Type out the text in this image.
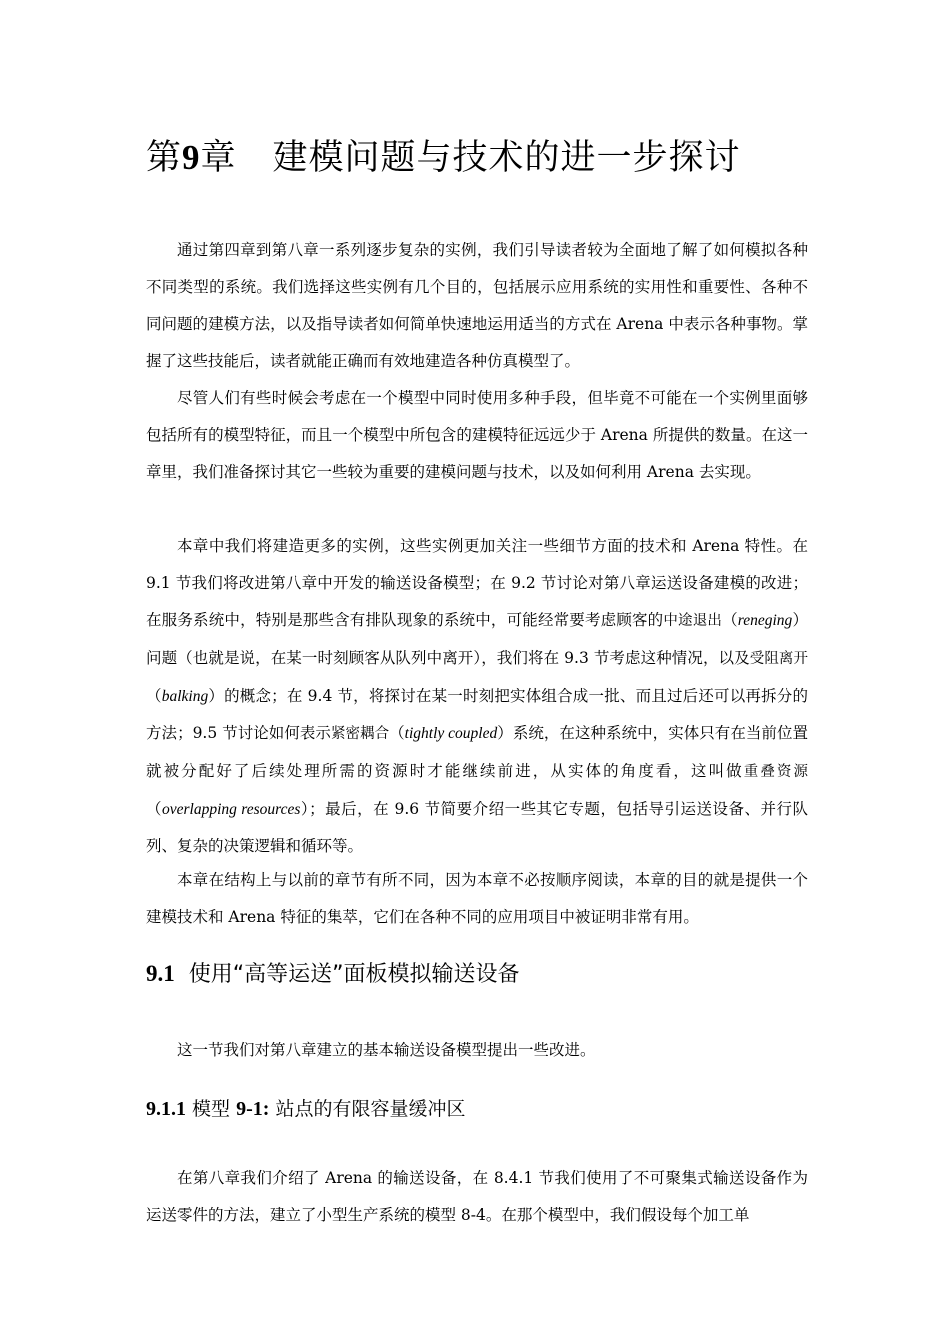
第9章 建模问题与技术的进一步探讨

通过第四章到第八章一系列逐步复杂的实例，我们引导读者较为全面地了解了如何模拟各种不同类型的系统。我们选择这些实例有几个目的，包括展示应用系统的实用性和重要性、各种不同问题的建模方法，以及指导读者如何简单快速地运用适当的方式在 Arena 中表示各种事物。掌握了这些技能后，读者就能正确而有效地建造各种仿真模型了。

尽管人们有些时候会考虑在一个模型中同时使用多种手段，但毕竟不可能在一个实例里面够包括所有的模型特征，而且一个模型中所包含的建模特征远远少于 Arena 所提供的数量。在这一章里，我们准备探讨其它一些较为重要的建模问题与技术，以及如何利用 Arena 去实现。

本章中我们将建造更多的实例，这些实例更加关注一些细节方面的技术和 Arena 特性。在 9.1 节我们将改进第八章中开发的输送设备模型；在 9.2 节讨论对第八章运送设备建模的改进；在服务系统中，特别是那些含有排队现象的系统中，可能经常要考虑顾客的中途退出（reneging）问题（也就是说，在某一时刻顾客从队列中离开），我们将在 9.3 节考虑这种情况，以及受阻离开（balking）的概念；在 9.4 节，将探讨在某一时刻把实体组合成一批、而且过后还可以再拆分的方法；9.5 节讨论如何表示紧密耦合（tightly coupled）系统，在这种系统中，实体只有在当前位置就被分配好了后续处理所需的资源时才能继续前进，从实体的角度看，这叫做重叠资源（overlapping resources）；最后，在 9.6 节简要介绍一些其它专题，包括导引运送设备、并行队列、复杂的决策逻辑和循环等。

本章在结构上与以前的章节有所不同，因为本章不必按顺序阅读，本章的目的就是提供一个建模技术和 Arena 特征的集萃，它们在各种不同的应用项目中被证明非常有用。

9.1 使用“高等运送”面板模拟输送设备

这一节我们对第八章建立的基本输送设备模型提出一些改进。

9.1.1 模型 9-1: 站点的有限容量缓冲区

在第八章我们介绍了 Arena 的输送设备，在 8.4.1 节我们使用了不可聚集式输送设备作为运送零件的方法，建立了小型生产系统的模型 8-4。在那个模型中，我们假设每个加工单
